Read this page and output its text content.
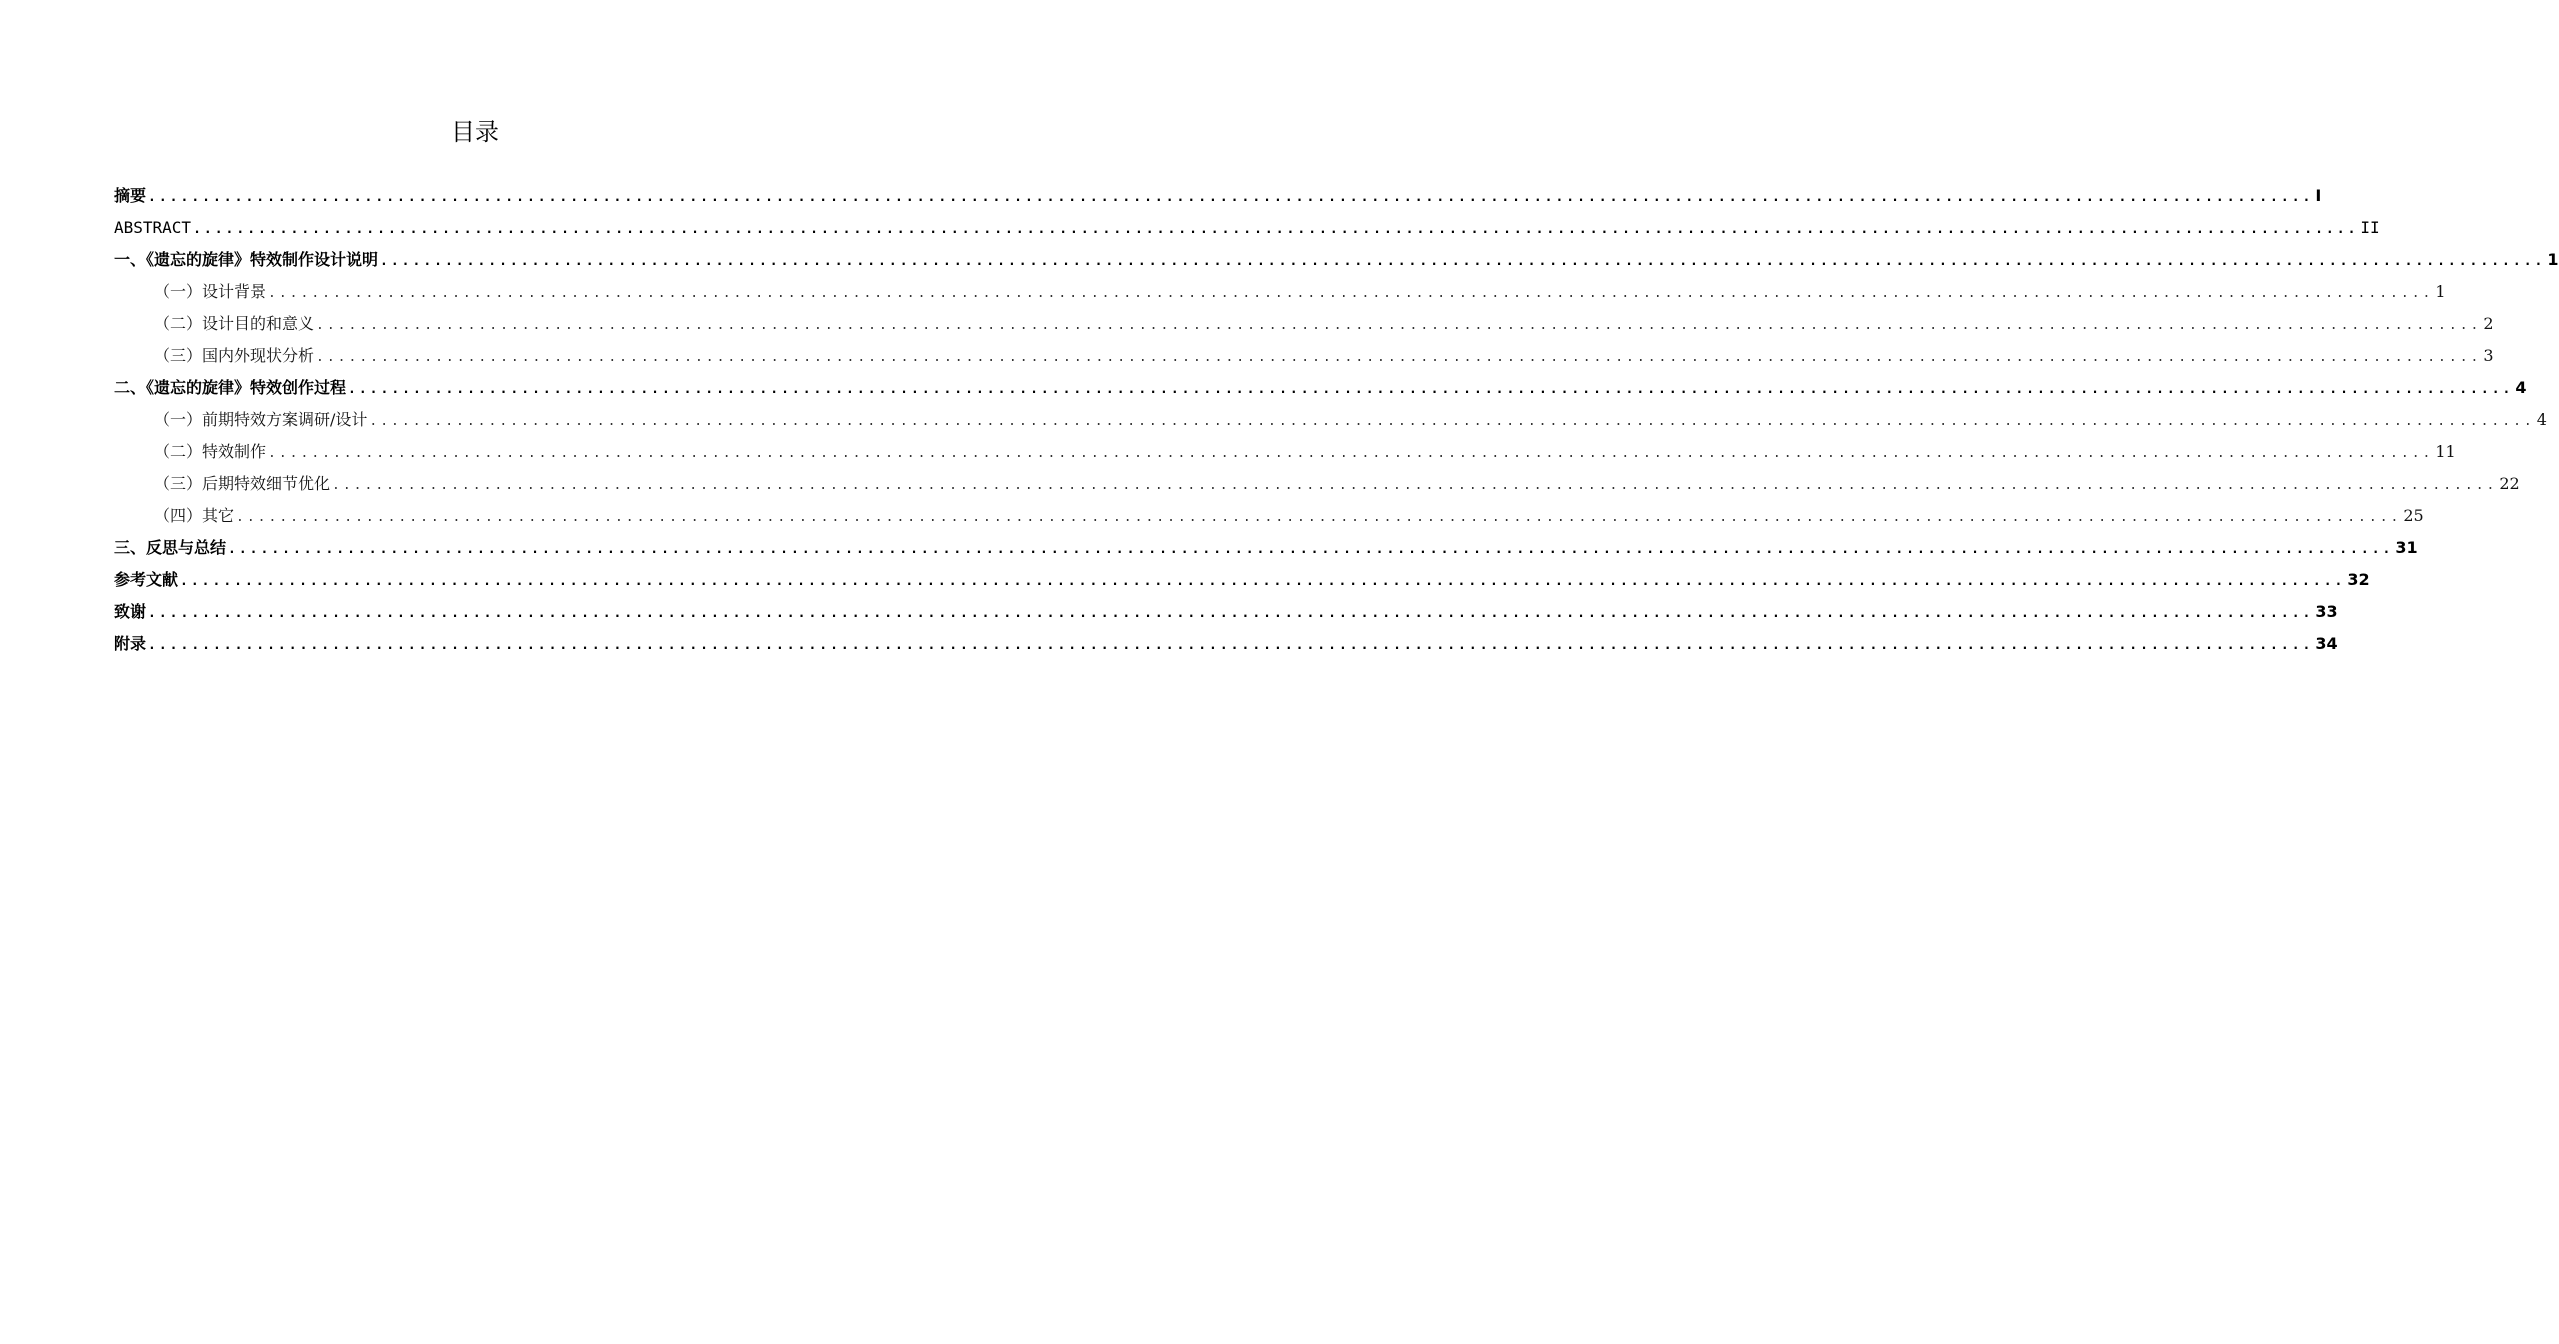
目录
摘要 ........................................................................................................................................................................................................ I
ABSTRACT ........................................................................................................................................................................................................ II
一、《遗忘的旋律》特效制作设计说明 ........................................................................................................................................................................................................ 1
（一）设计背景 ........................................................................................................................................................................................................ 1
（二）设计目的和意义 ........................................................................................................................................................................................................ 2
（三）国内外现状分析 ........................................................................................................................................................................................................ 3
二、《遗忘的旋律》特效创作过程 ........................................................................................................................................................................................................ 4
（一）前期特效方案调研/设计 ........................................................................................................................................................................................................ 4
（二）特效制作 ........................................................................................................................................................................................................ 11
（三）后期特效细节优化 ........................................................................................................................................................................................................ 22
（四）其它 ........................................................................................................................................................................................................ 25
三、反思与总结 ........................................................................................................................................................................................................ 31
参考文献 ........................................................................................................................................................................................................ 32
致谢 ........................................................................................................................................................................................................ 33
附录 ........................................................................................................................................................................................................ 34
